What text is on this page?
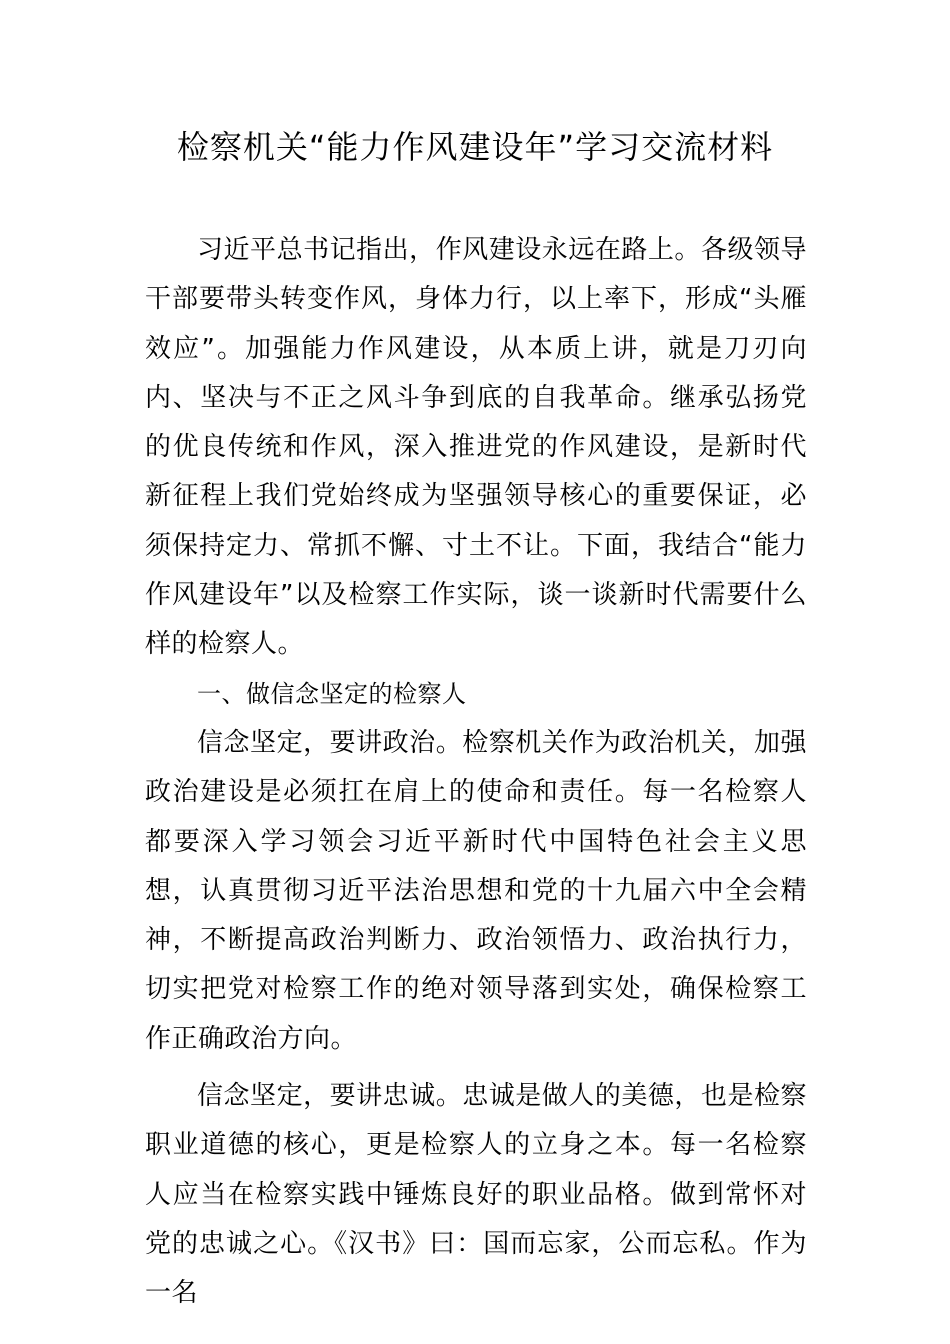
检察机关“能力作风建设年”学习交流材料

习近平总书记指出，作风建设永远在路上。各级领导干部要带头转变作风，身体力行，以上率下，形成“头雁效应”。加强能力作风建设，从本质上讲，就是刀刃向内、坚决与不正之风斗争到底的自我革命。继承弘扬党的优良传统和作风，深入推进党的作风建设，是新时代新征程上我们党始终成为坚强领导核心的重要保证，必须保持定力、常抓不懈、寸土不让。下面，我结合“能力作风建设年”以及检察工作实际，谈一谈新时代需要什么样的检察人。

一、做信念坚定的检察人

信念坚定，要讲政治。检察机关作为政治机关，加强政治建设是必须扛在肩上的使命和责任。每一名检察人都要深入学习领会习近平新时代中国特色社会主义思想，认真贯彻习近平法治思想和党的十九届六中全会精神，不断提高政治判断力、政治领悟力、政治执行力，切实把党对检察工作的绝对领导落到实处，确保检察工作正确政治方向。

信念坚定，要讲忠诚。忠诚是做人的美德，也是检察职业道德的核心，更是检察人的立身之本。每一名检察人应当在检察实践中锤炼良好的职业品格。做到常怀对党的忠诚之心。《汉书》曰：国而忘家，公而忘私。作为一名
